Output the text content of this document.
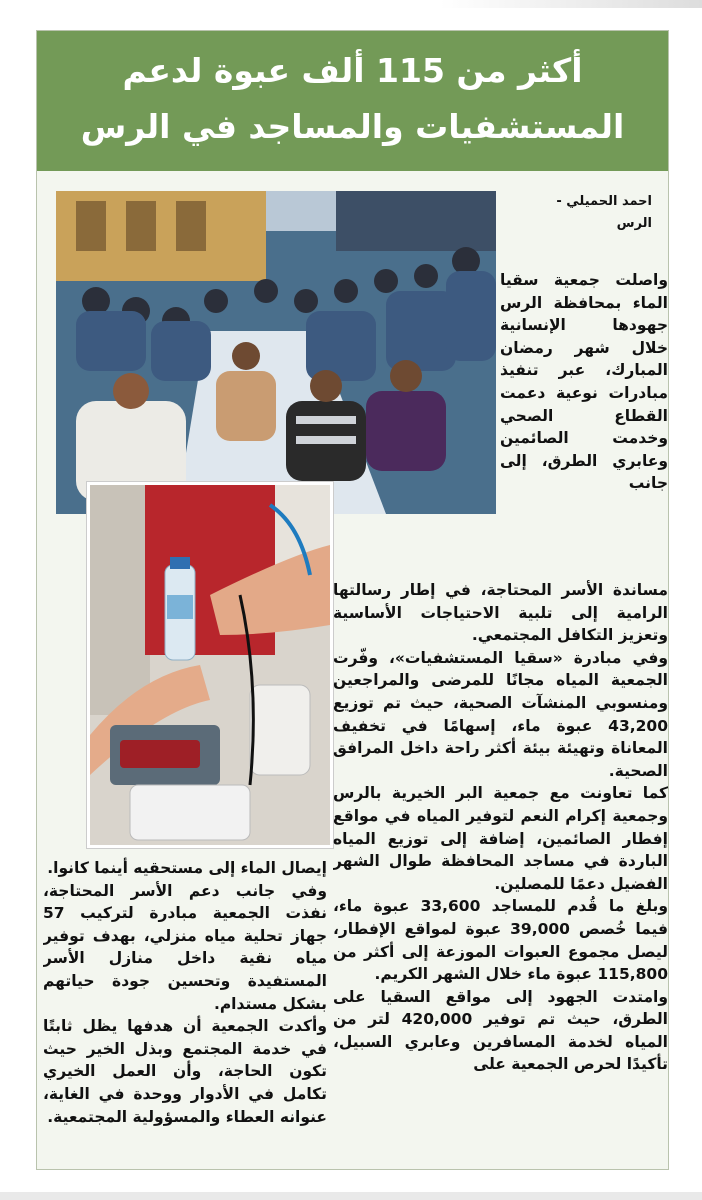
أكثر من 115 ألف عبوة لدعم
المستشفيات والمساجد في الرس
احمد الحميلي -
الرس

واصلت جمعية سقيا الماء بمحافظة الرس جهودها الإنسانية خلال شهر رمضان المبارك، عبر تنفيذ مبادرات نوعية دعمت القطاع الصحي وخدمت الصائمين وعابري الطرق، إلى جانب

مساندة الأسر المحتاجة، في إطار رسالتها الرامية إلى تلبية الاحتياجات الأساسية وتعزيز التكافل المجتمعي.

وفي مبادرة «سقيا المستشفيات»، وفّرت الجمعية المياه مجانًا للمرضى والمراجعين ومنسوبي المنشآت الصحية، حيث تم توزيع 43,200 عبوة ماء، إسهامًا في تخفيف المعاناة وتهيئة بيئة أكثر راحة داخل المرافق الصحية.

كما تعاونت مع جمعية البر الخيرية بالرس وجمعية إكرام النعم لتوفير المياه في مواقع إفطار الصائمين، إضافة إلى توزيع المياه الباردة في مساجد المحافظة طوال الشهر الفضيل دعمًا للمصلين.

وبلغ ما قُدم للمساجد 33,600 عبوة ماء، فيما خُصص 39,000 عبوة لمواقع الإفطار، ليصل مجموع العبوات الموزعة إلى أكثر من 115,800 عبوة ماء خلال الشهر الكريم.

وامتدت الجهود إلى مواقع السقيا على الطرق، حيث تم توفير 420,000 لتر من المياه لخدمة المسافرين وعابري السبيل، تأكيدًا لحرص الجمعية على

إيصال الماء إلى مستحقيه أينما كانوا.

وفي جانب دعم الأسر المحتاجة، نفذت الجمعية مبادرة لتركيب 57 جهاز تحلية مياه منزلي، بهدف توفير مياه نقية داخل منازل الأسر المستفيدة وتحسين جودة حياتهم بشكل مستدام.

وأكدت الجمعية أن هدفها يظل ثابتًا في خدمة المجتمع وبذل الخير حيث تكون الحاجة، وأن العمل الخيري تكامل في الأدوار ووحدة في الغاية، عنوانه العطاء والمسؤولية المجتمعية.
